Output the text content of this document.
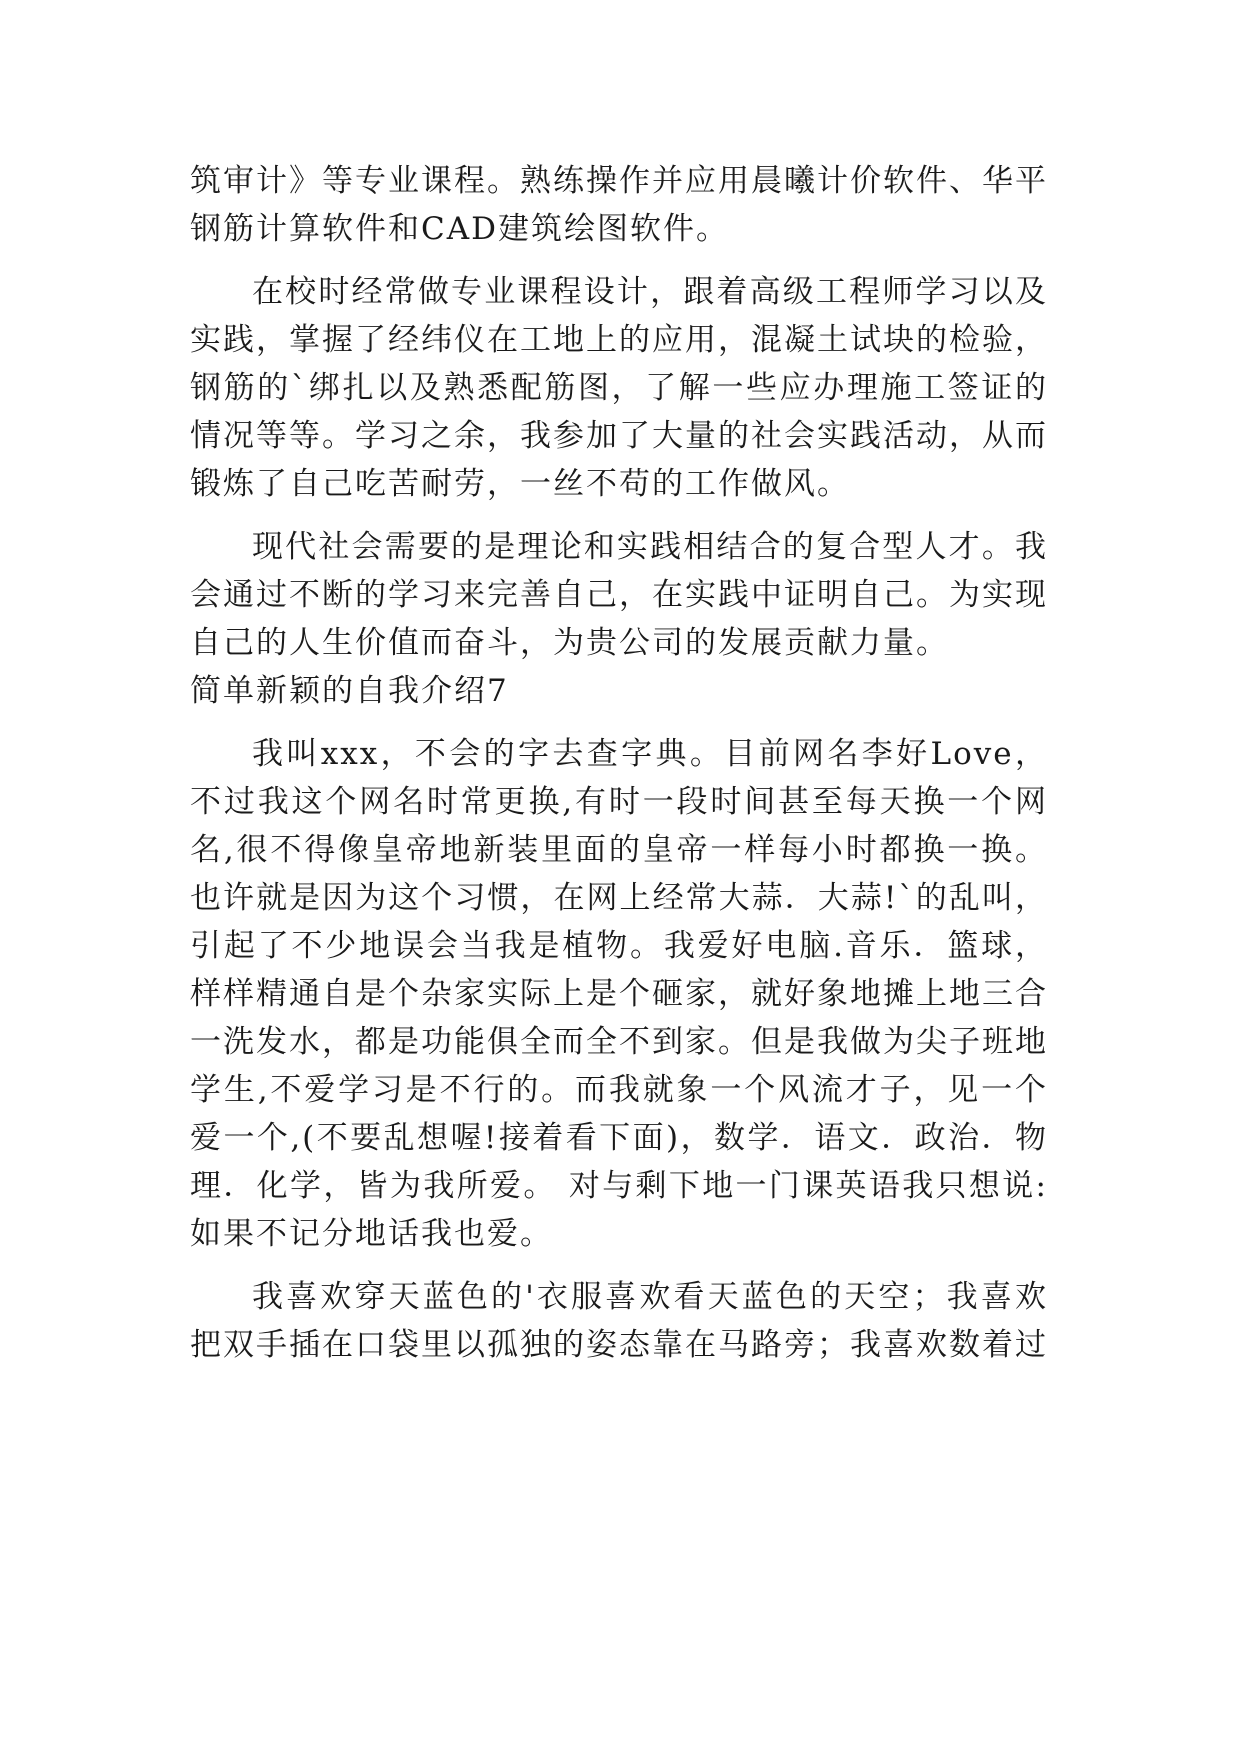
筑审计》等专业课程。熟练操作并应用晨曦计价软件、华平钢筋计算软件和CAD建筑绘图软件。

在校时经常做专业课程设计，跟着高级工程师学习以及实践，掌握了经纬仪在工地上的应用，混凝土试块的检验，钢筋的`绑扎以及熟悉配筋图，了解一些应办理施工签证的情况等等。学习之余，我参加了大量的社会实践活动，从而锻炼了自己吃苦耐劳，一丝不苟的工作做风。

现代社会需要的是理论和实践相结合的复合型人才。我会通过不断的学习来完善自己，在实践中证明自己。为实现自己的人生价值而奋斗，为贵公司的发展贡献力量。

简单新颖的自我介绍7

我叫xxx，不会的字去查字典。目前网名李好Love，不过我这个网名时常更换,有时一段时间甚至每天换一个网名,很不得像皇帝地新装里面的皇帝一样每小时都换一换。也许就是因为这个习惯，在网上经常大蒜．大蒜!`的乱叫，引起了不少地误会当我是植物。我爱好电脑.音乐．篮球，样样精通自是个杂家实际上是个砸家，就好象地摊上地三合一洗发水，都是功能俱全而全不到家。但是我做为尖子班地学生,不爱学习是不行的。而我就象一个风流才子，见一个爱一个,(不要乱想喔!接着看下面)，数学．语文．政治．物理．化学，皆为我所爱。 对与剩下地一门课英语我只想说:如果不记分地话我也爱。

我喜欢穿天蓝色的'衣服喜欢看天蓝色的天空；我喜欢把双手插在口袋里以孤独的姿态靠在马路旁；我喜欢数着过
